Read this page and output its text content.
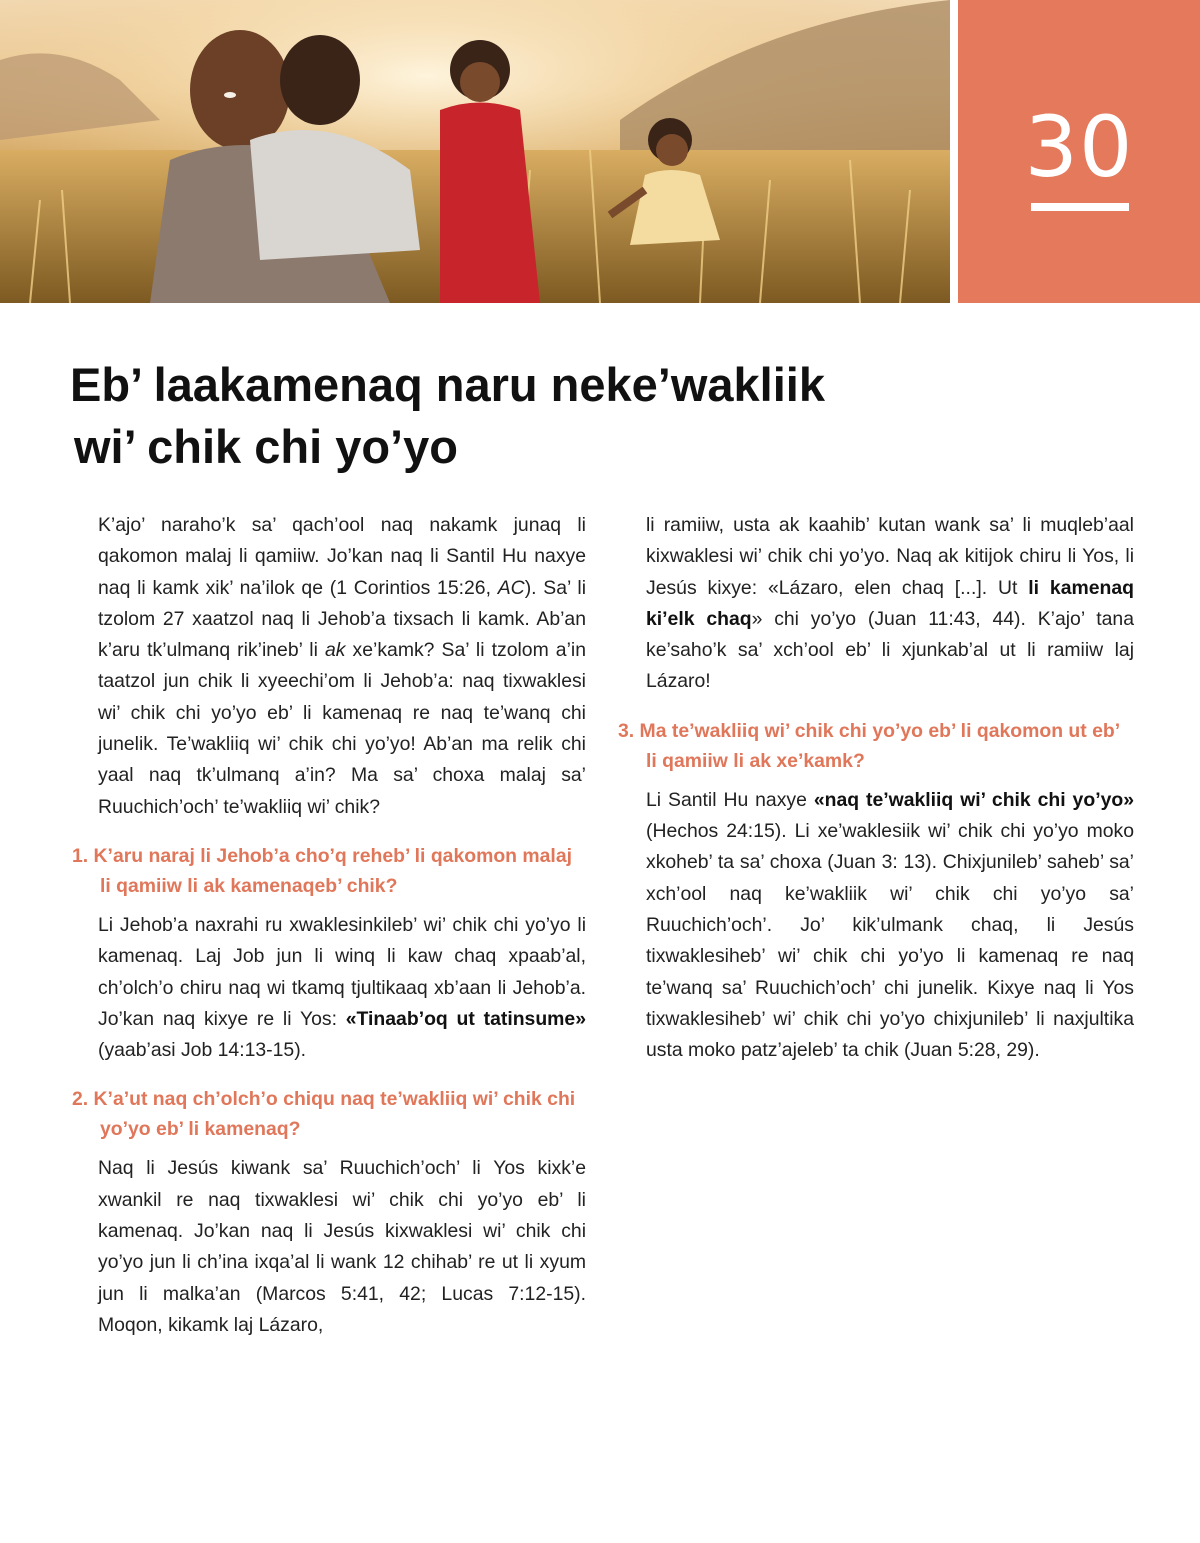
30
Eb’ laakamenaq naru neke’wakliik
wi’ chik chi yo’yo

K’ajo’ naraho’k sa’ qach’ool naq nakamk junaq li qakomon malaj li qamiiw. Jo’kan naq li Santil Hu naxye naq li kamk xik’ na’ilok qe (1 Corintios 15:26, AC). Sa’ li tzolom 27 xaatzol naq li Jehob’a tixsach li kamk. Ab’an k’aru tk’ulmanq rik’ineb’ li ak xe’kamk? Sa’ li tzolom a’in taatzol jun chik li xyeechi’om li Jehob’a: naq tixwaklesi wi’ chik chi yo’yo eb’ li kamenaq re naq te’wanq chi junelik. Te’wakliiq wi’ chik chi yo’yo! Ab’an ma relik chi yaal naq tk’ulmanq a’in? Ma sa’ choxa malaj sa’ Ruuchich’och’ te’wakliiq wi’ chik?

1. K’aru naraj li Jehob’a cho’q reheb’ li qakomon malaj li qamiiw li ak kamenaqeb’ chik?

Li Jehob’a naxrahi ru xwaklesinkileb’ wi’ chik chi yo’yo li kamenaq. Laj Job jun li winq li kaw chaq xpaab’al, ch’olch’o chiru naq wi tkamq tjultikaaq xb’aan li Jehob’a. Jo’kan naq kixye re li Yos: «Tinaab’oq ut tatinsume» (yaab’asi Job 14:13-15).

2. K’a’ut naq ch’olch’o chiqu naq te’wakliiq wi’ chik chi yo’yo eb’ li kamenaq?

Naq li Jesús kiwank sa’ Ruuchich’och’ li Yos kixk’e xwankil re naq tixwaklesi wi’ chik chi yo’yo eb’ li kamenaq. Jo’kan naq li Jesús kixwaklesi wi’ chik chi yo’yo jun li ch’ina ixqa’al li wank 12 chihab’ re ut li xyum jun li malka’an (Marcos 5:41, 42; Lucas 7:12-15). Moqon, kikamk laj Lázaro,

li ramiiw, usta ak kaahib’ kutan wank sa’ li muqleb’aal kixwaklesi wi’ chik chi yo’yo. Naq ak kitijok chiru li Yos, li Jesús kixye: «Lázaro, elen chaq [...]. Ut li kamenaq ki’elk chaq» chi yo’yo (Juan 11:43, 44). K’ajo’ tana ke’saho’k sa’ xch’ool eb’ li xjunkab’al ut li ramiiw laj Lázaro!

3. Ma te’wakliiq wi’ chik chi yo’yo eb’ li qakomon ut eb’ li qamiiw li ak xe’kamk?

Li Santil Hu naxye «naq te’wakliiq wi’ chik chi yo’yo» (Hechos 24:15). Li xe’waklesiik wi’ chik chi yo’yo moko xkoheb’ ta sa’ choxa (Juan 3: 13). Chixjunileb’ saheb’ sa’ xch’ool naq ke’wakliik wi’ chik chi yo’yo sa’ Ruuchich’och’. Jo’ kik’ulmank chaq, li Jesús tixwaklesiheb’ wi’ chik chi yo’yo li kamenaq re naq te’wanq sa’ Ruuchich’och’ chi junelik. Kixye naq li Yos tixwaklesiheb’ wi’ chik chi yo’yo chixjunileb’ li naxjultika usta moko patz’ajeleb’ ta chik (Juan 5:28, 29).
